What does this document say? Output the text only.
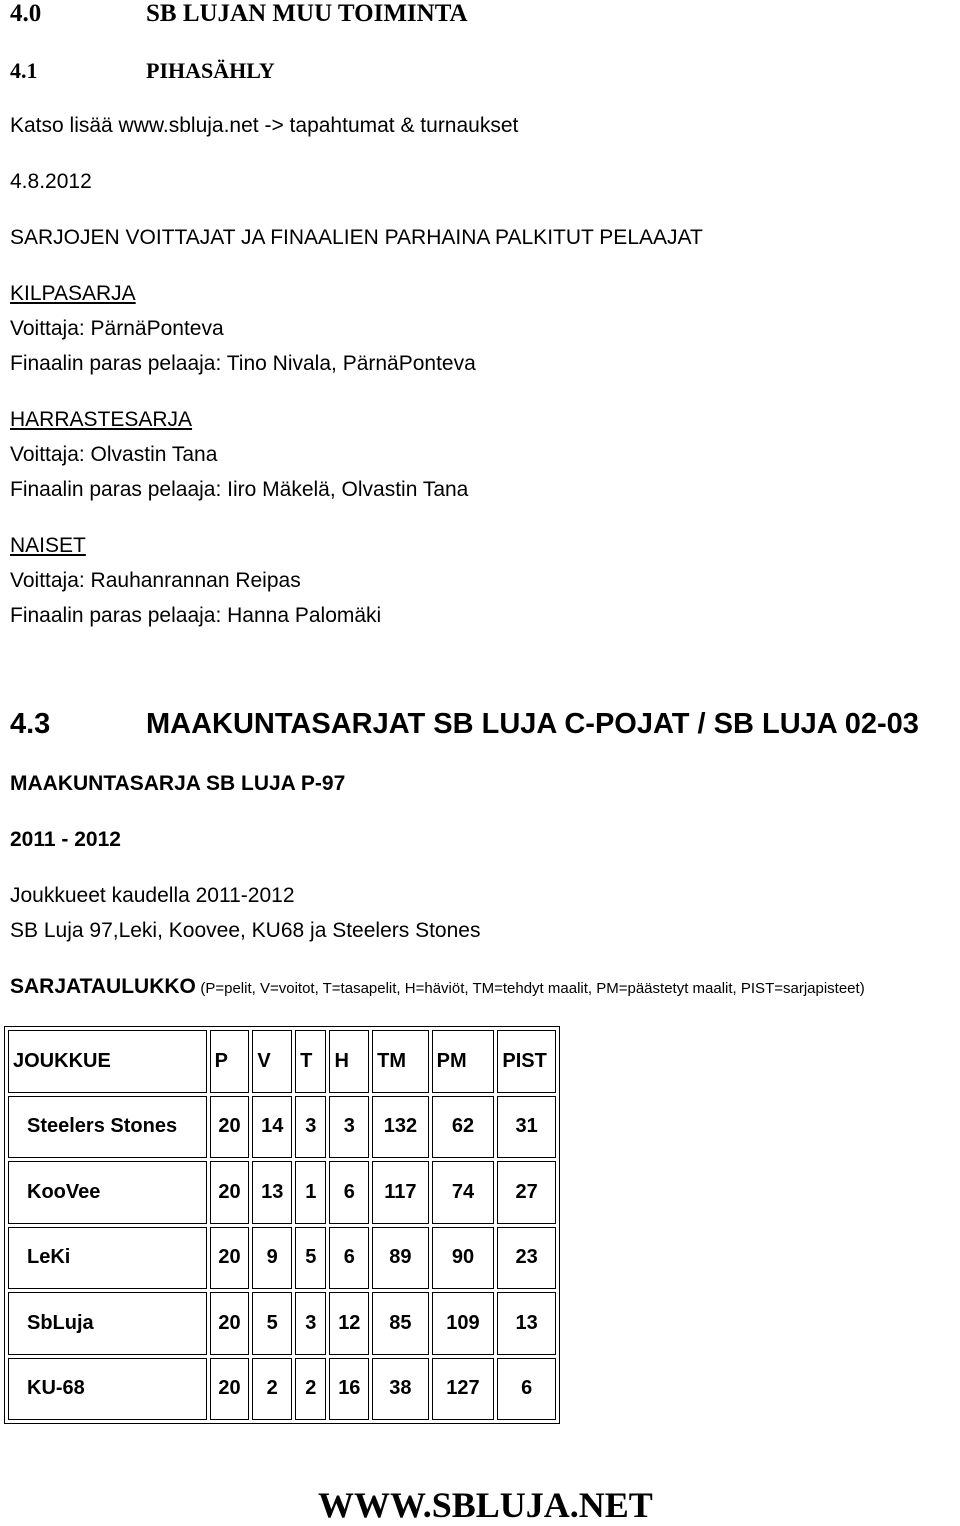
4.0	SB LUJAN MUU TOIMINTA
4.1	PIHASÄHLY
Katso lisää www.sbluja.net -> tapahtumat & turnaukset
4.8.2012
SARJOJEN VOITTAJAT JA FINAALIEN PARHAINA PALKITUT PELAAJAT
KILPASARJA
Voittaja: PärnäPonteva
Finaalin paras pelaaja: Tino Nivala, PärnäPonteva
HARRASTESARJA
Voittaja: Olvastin Tana
Finaalin paras pelaaja: Iiro Mäkelä, Olvastin Tana
NAISET
Voittaja: Rauhanrannan Reipas
Finaalin paras pelaaja: Hanna Palomäki
4.3	MAAKUNTASARJAT SB LUJA C-POJAT / SB LUJA 02-03
MAAKUNTASARJA SB LUJA P-97
2011 - 2012
Joukkueet kaudella 2011-2012
SB Luja 97,Leki, Koovee, KU68 ja Steelers Stones
SARJATAULUKKO (P=pelit, V=voitot, T=tasapelit, H=häviöt, TM=tehdyt maalit, PM=päästetyt maalit, PIST=sarjapisteet)
JOUKKUE	P	V	T	H	TM	PM	PIST
Steelers Stones	20	14	3	3	132	62	31
KooVee	20	13	1	6	117	74	27
LeKi	20	9	5	6	89	90	23
SbLuja	20	5	3	12	85	109	13
KU-68	20	2	2	16	38	127	6
WWW.SBLUJA.NET
